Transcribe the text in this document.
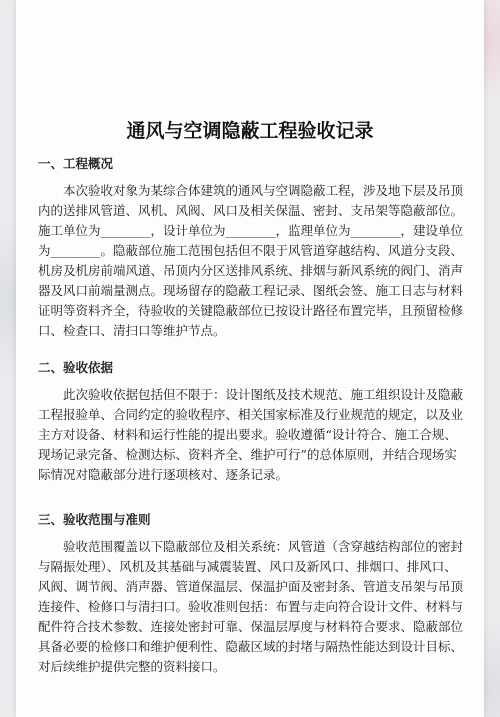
通风与空调隐蔽工程验收记录
一、工程概况

本次验收对象为某综合体建筑的通风与空调隐蔽工程，涉及地下层及吊顶内的送排风管道、风机、风阀、风口及相关保温、密封、支吊架等隐蔽部位。施工单位为________，设计单位为________，监理单位为________，建设单位为________。隐蔽部位施工范围包括但不限于风管道穿越结构、风道分支段、机房及机房前端风道、吊顶内分区送排风系统、排烟与新风系统的阀门、消声器及风口前端量测点。现场留存的隐蔽工程记录、图纸会签、施工日志与材料证明等资料齐全，待验收的关键隐蔽部位已按设计路径布置完毕，且预留检修口、检查口、清扫口等维护节点。

二、验收依据

此次验收依据包括但不限于：设计图纸及技术规范、施工组织设计及隐蔽工程报验单、合同约定的验收程序、相关国家标准及行业规范的规定，以及业主方对设备、材料和运行性能的提出要求。验收遵循“设计符合、施工合规、现场记录完备、检测达标、资料齐全、维护可行”的总体原则，并结合现场实际情况对隐蔽部分进行逐项核对、逐条记录。

三、验收范围与准则

验收范围覆盖以下隐蔽部位及相关系统：风管道（含穿越结构部位的密封与隔振处理）、风机及其基础与减震装置、风口及新风口、排烟口、排风口、风阀、调节阀、消声器、管道保温层、保温护面及密封条、管道支吊架与吊顶连接件、检修口与清扫口。验收准则包括：布置与走向符合设计文件、材料与配件符合技术参数、连接处密封可靠、保温层厚度与材料符合要求、隐蔽部位具备必要的检修口和维护便利性、隐蔽区域的封堵与隔热性能达到设计目标、对后续维护提供完整的资料接口。
